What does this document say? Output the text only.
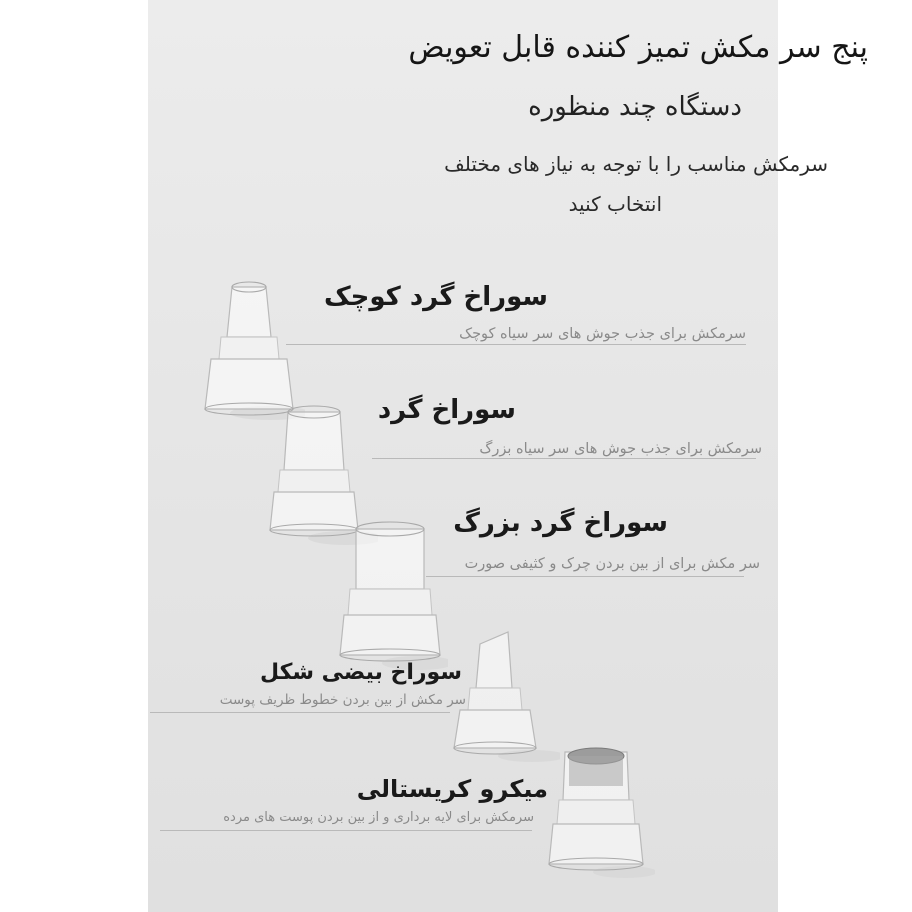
پنج سر مکش تمیز کننده قابل تعویض
دستگاه چند منظوره
سرمکش مناسب را با توجه به نیاز های مختلف
انتخاب کنید
سوراخ گرد کوچک
سرمکش برای جذب جوش های سر سیاه کوچک
سوراخ گرد
سرمکش برای جذب جوش های سر سیاه بزرگ
سوراخ گرد بزرگ
سر مکش برای از بین بردن چرک و کثیفی صورت
سوراخ بیضی شکل
سر مکش از بین بردن خطوط ظریف پوست
میکرو کریستالی
سرمکش برای لایه برداری و از بین بردن پوست های مرده
